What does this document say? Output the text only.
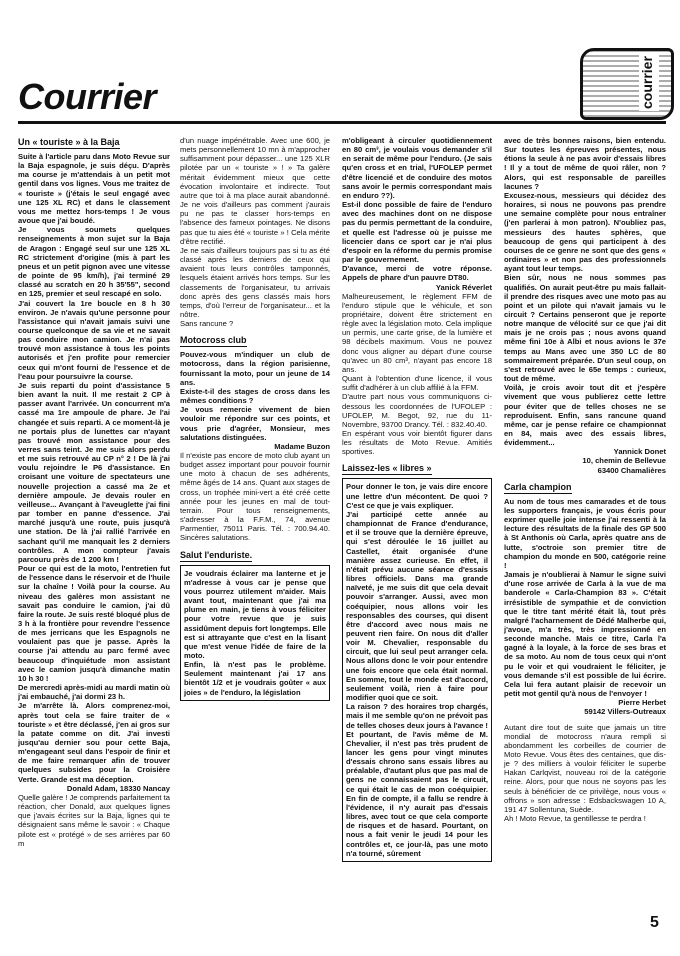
Courrier	courrier
Un « touriste » à la Baja

Suite à l'article paru dans Moto Revue sur la Baja espagnole, je suis déçu. D'après ma course je m'attendais à un petit mot gentil dans vos lignes. Vous me traitez de « touriste » (j'étais le seul engagé avec une 125 XL RC) et dans le classement vous me mettez hors-temps ! Je vous avoue que j'ai boudé.

Je vous soumets quelques renseignements à mon sujet sur la Baja de Aragon : Engagé seul sur une 125 XL RC strictement d'origine (mis à part les pneus et un petit pignon avec une vitesse de pointe de 95 km/h), j'ai terminé 29 classé au scratch en 20 h 35'55", second en 125, premier et seul rescapé en solo.

J'ai couvert la 1re boucle en 8 h 30 environ. Je n'avais qu'une personne pour l'assistance qui n'avait jamais suivi une course quelconque de sa vie et ne savait pas conduire mon camion. Je n'ai pas trouvé mon assistance à tous les points autorisés et j'en profite pour remercier ceux qui m'ont fourni de l'essence et de l'eau pour poursuivre la course.

Je suis reparti du point d'assistance 5 bien avant la nuit. Il me restait 2 CP à passer avant l'arrivée. Un concurrent m'a cassé ma 1re ampoule de phare. Je l'ai changée et suis reparti. A ce moment-là je ne portais plus de lunettes car n'ayant pas trouvé mon assistance pour des verres sans teint. Je me suis alors perdu et me suis retrouvé au CP n° 2 ! De là j'ai voulu rejoindre le P6 d'assistance. En croisant une voiture de spectateurs une nouvelle projection a cassé ma 2e et dernière ampoule. Je devais rouler en veilleuse... Avançant à l'aveuglette j'ai fini par tomber en panne d'essence. J'ai marché jusqu'à une route, puis jusqu'à une station. De là j'ai rallié l'arrivée en sachant qu'il me manquait les 2 derniers contrôles. A mon compteur j'avais parcouru près de 1 200 km !

Pour ce qui est de la moto, l'entretien fut de l'essence dans le réservoir et de l'huile sur la chaîne ! Voilà pour la course. Au niveau des galères mon assistant ne savait pas conduire le camion, j'ai dû faire la route. Je suis resté bloqué plus de 3 h à la frontière pour revendre l'essence de mes jerricans que les Espagnols ne voulaient pas que je passe. Après la course j'ai attendu au parc fermé avec beaucoup d'inquiétude mon assistant avec le camion jusqu'à dimanche matin 10 h 30 !

De mercredi après-midi au mardi matin où j'ai embauché, j'ai dormi 23 h.

Je m'arrête là. Alors comprenez-moi, après tout cela se faire traiter de « touriste » et être déclassé, j'en ai gros sur la patate comme on dit. J'ai investi jusqu'au dernier sou pour cette Baja, m'engageant seul dans l'espoir de finir et de me faire remarquer afin de trouver quelques subsides pour la Croisière Verte. Grande est ma déception.

Donald Adam, 18330 Nancay

Quelle galère ! Je comprends parfaitement ta réaction, cher Donald, aux quelques lignes que j'avais écrites sur la Baja, lignes qui te désignaient sans même le savoir : « Chaque pilote est « protégé » de ses arrières par 60 m

d'un nuage impénétrable. Avec une 600, je mets personnellement 10 mn à m'approcher suffisamment pour dépasser... une 125 XLR pilotée par un « touriste » ! » Ta galère méritait évidemment mieux que cette évocation involontaire et indirecte. Tout autre que toi à ma place aurait abandonné. Je ne vois d'ailleurs pas comment j'aurais pu ne pas te classer hors-temps en l'absence des fameux pointages. Ne disons pas que tu aies été « touriste » ! Cela mérite d'être rectifié.

Je ne sais d'ailleurs toujours pas si tu as été classé après les derniers de ceux qui avaient tous leurs contrôles tamponnés, lesquels étaient arrivés hors temps. Sur les classements de l'organisateur, tu arrivais donc après des gens classés mais hors temps, d'où l'erreur de l'organisateur... et la nôtre.

Sans rancune ?

Motocross club

Pouvez-vous m'indiquer un club de motocross, dans la région parisienne, fournissant la moto, pour un jeune de 14 ans.

Existe-t-il des stages de cross dans les mêmes conditions ?

Je vous remercie vivement de bien vouloir me répondre sur ces points, et vous prie d'agréer, Monsieur, mes salutations distinguées.

Madame Buzon

Il n'existe pas encore de moto club ayant un budget assez important pour pouvoir fournir une moto à chacun de ses adhérents, même âgés de 14 ans. Quant aux stages de cross, un trophée mini-vert a été créé cette année pour les jeunes en mal de tout-terrain. Pour tous renseignements, s'adresser à la F.F.M., 74, avenue Parmentier, 75011 Paris. Tél. : 700.94.40. Sincères salutations.

Salut l'enduriste.

Je voudrais éclairer ma lanterne et je m'adresse à vous car je pense que vous pourrez utilement m'aider. Mais avant tout, maintenant que j'ai ma plume en main, je tiens à vous féliciter pour votre revue que je suis assidûment depuis fort longtemps. Elle est si attrayante que c'est en la lisant que m'est venue l'idée de faire de la moto.

Enfin, là n'est pas le problème. Seulement maintenant j'ai 17 ans bientôt 1/2 et je voudrais goûter « aux joies » de l'enduro, la législation

m'obligeant à circuler quotidiennement en 80 cm³, je voulais vous demander s'il en serait de même pour l'enduro. (Je sais qu'en cross et en trial, l'UFOLEP permet d'être licencié et de conduire des motos sans avoir le permis correspondant mais en enduro ??).

Est-il donc possible de faire de l'enduro avec des machines dont on ne dispose pas du permis permettant de la conduire, et quelle est l'adresse où je puisse me licencier dans ce sport car je n'ai plus d'espoir en la réforme du permis promise par le gouvernement.

D'avance, merci de votre réponse. Appels de phare d'un pauvre DT80.

Yanick Réverlet

Malheureusement, le règlement FFM de l'enduro stipule que le véhicule, et son propriétaire, doivent être strictement en règle avec la législation moto. Cela implique un permis, une carte grise, de la lumière et 98 décibels maximum. Vous ne pouvez donc vous aligner au départ d'une course qu'avec un 80 cm³, n'ayant pas encore 18 ans.

Quant à l'obtention d'une licence, il vous suffit d'adhérer à un club affilié à la FFM.

D'autre part nous vous communiquons ci-dessous les coordonnées de l'UFOLEP : UFOLEP, M. Begot, 92, rue du 11-Novembre, 93700 Drancy. Tél. : 832.40.40.

En espérant vous voir bientôt figurer dans les résultats de Moto Revue. Amitiés sportives.

Laissez-les « libres »

Pour donner le ton, je vais dire encore une lettre d'un mécontent. De quoi ? C'est ce que je vais expliquer.

J'ai participé cette année au championnat de France d'endurance, et il se trouve que la dernière épreuve, qui s'est déroulée le 16 juillet au Castellet, était organisée d'une manière assez curieuse. En effet, il n'était prévu aucune séance d'essais libres officiels. Dans ma grande naïveté, je me suis dit que cela devait pouvoir s'arranger. Aussi, avec mon coéquipier, nous allons voir les responsables des courses, qui disent être d'accord avec nous mais ne peuvent rien faire. On nous dit d'aller voir M. Chevalier, responsable du circuit, que lui seul peut arranger cela. Nous allons donc le voir pour entendre une fois encore que cela était normal. En somme, tout le monde est d'accord, seulement voilà, rien à faire pour modifier quoi que ce soit.

La raison ? des horaires trop chargés, mais il me semble qu'on ne prévoit pas de telles choses deux jours à l'avance !

Et pourtant, de l'avis même de M. Chevalier, il n'est pas très prudent de lancer les gens pour vingt minutes d'essais chrono sans essais libres au préalable, d'autant plus que pas mal de gens ne connaissaient pas le circuit, ce qui était le cas de mon coéquipier. En fin de compte, il a fallu se rendre à l'évidence, il n'y aurait pas d'essais libres, avec tout ce que cela comporte de risques et de hasard. Pourtant, on nous a fait venir le jeudi 14 pour les contrôles et, ce jour-là, pas une moto n'a tourné, sûrement

avec de très bonnes raisons, bien entendu. Sur toutes les épreuves présentes, nous étions la seule à ne pas avoir d'essais libres ! Il y a tout de même de quoi râler, non ? Alors, qui est responsable de pareilles lacunes ?

Excusez-nous, messieurs qui décidez des horaires, si nous ne pouvons pas prendre une semaine complète pour nous entraîner (j'en parlerai à mon patron). N'oubliez pas, messieurs des hautes sphères, que beaucoup de gens qui participent à des courses de ce genre ne sont que des gens « ordinaires » et non pas des professionnels ayant tout leur temps.

Bien sûr, nous ne nous sommes pas qualifiés. On aurait peut-être pu mais fallait-il prendre des risques avec une moto pas au point et un pilote qui n'avait jamais vu le circuit ? Certains penseront que je reporte notre manque de vélocité sur ce que j'ai dit mais je ne crois pas ; nous avons quand même fini 10e à Albi et nous avions le 37e temps au Mans avec une 350 LC de 80 sommairement préparée. D'un seul coup, on s'est retrouvé avec le 65e temps : curieux, tout de même.

Voilà, je crois avoir tout dit et j'espère vivement que vous publierez cette lettre pour éviter que de telles choses ne se reproduisent. Enfin, sans rancune quand même, car je pense refaire ce championnat en 84, mais avec des essais libres, évidemment...

Yannick Donet

10, chemin de Bellevue

63400 Chamalières

Carla champion

Au nom de tous mes camarades et de tous les supporters français, je vous écris pour exprimer quelle joie intense j'ai ressenti à la lecture des résultats de la finale des GP 500 à St Anthonis où Carla, après quatre ans de lutte, s'octroie son premier titre de champion du monde en 500, catégorie reine !

Jamais je n'oublierai à Namur le signe suivi d'une rose arrivée de Carla à la vue de ma banderole « Carla-Champion 83 ». C'était irrésistible de sympathie et de conviction que le titre tant mérité était là, tout près malgré l'acharnement de Dédé Malherbe qui, j'avoue, m'a très, très impressionné en seconde manche. Mais ce titre, Carla l'a gagné à la loyale, à la force de ses bras et de sa moto. Au nom de tous ceux qui n'ont pu le voir et qui voudraient le féliciter, je vous demande s'il est possible de lui écrire. Cela lui fera autant plaisir de recevoir un petit mot gentil qu'à nous de l'envoyer !

Pierre Herbet

59142 Villers-Outreaux

Autant dire tout de suite que jamais un titre mondial de motocross n'aura rempli si abondamment les corbeilles de courrier de Moto Revue. Vous êtes des centaines, que dis-je ? des milliers à vouloir féliciter le superbe Hakan Carlqvist, nouveau roi de la catégorie reine. Alors, pour que nous ne soyons pas les seuls à bénéficier de ce privilège, nous vous « offrons » son adresse : Edsbackswagen 10 A, 191 47 Sollentuna, Suède.

Ah ! Moto Revue, ta gentillesse te perdra !

5
